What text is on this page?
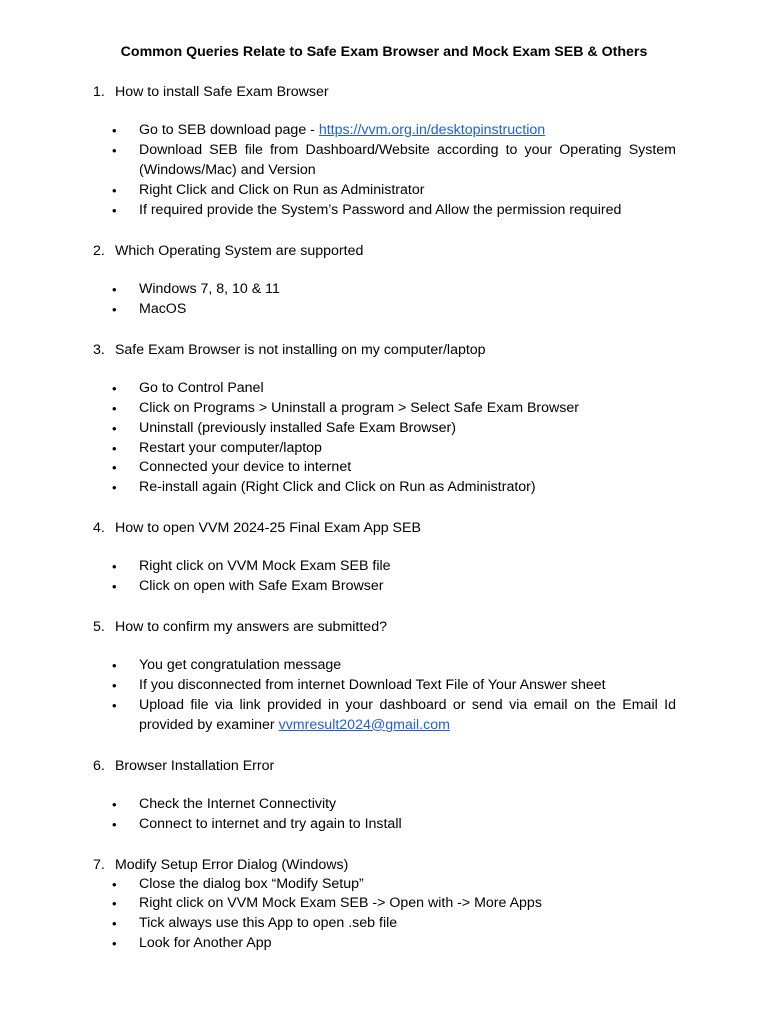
Common Queries Relate to Safe Exam Browser and Mock Exam SEB & Others
1. How to install Safe Exam Browser
•	Go to SEB download page - https://vvm.org.in/desktopinstruction
•	Download SEB file from Dashboard/Website according to your Operating System (Windows/Mac) and Version
•	Right Click and Click on Run as Administrator
•	If required provide the System’s Password and Allow the permission required
2. Which Operating System are supported
•	Windows 7, 8, 10 & 11
•	MacOS
3. Safe Exam Browser is not installing on my computer/laptop
•	Go to Control Panel
•	Click on Programs > Uninstall a program > Select Safe Exam Browser
•	Uninstall (previously installed Safe Exam Browser)
•	Restart your computer/laptop
•	Connected your device to internet
•	Re-install again (Right Click and Click on Run as Administrator)
4. How to open VVM 2024-25 Final Exam App SEB
•	Right click on VVM Mock Exam SEB file
•	Click on open with Safe Exam Browser
5. How to confirm my answers are submitted?
•	You get congratulation message
•	If you disconnected from internet Download Text File of Your Answer sheet
•	Upload file via link provided in your dashboard or send via email on the Email Id provided by examiner vvmresult2024@gmail.com
6. Browser Installation Error
•	Check the Internet Connectivity
•	Connect to internet and try again to Install
7. Modify Setup Error Dialog (Windows)
•	Close the dialog box “Modify Setup”
•	Right click on VVM Mock Exam SEB -> Open with -> More Apps
•	Tick always use this App to open .seb file
•	Look for Another App
